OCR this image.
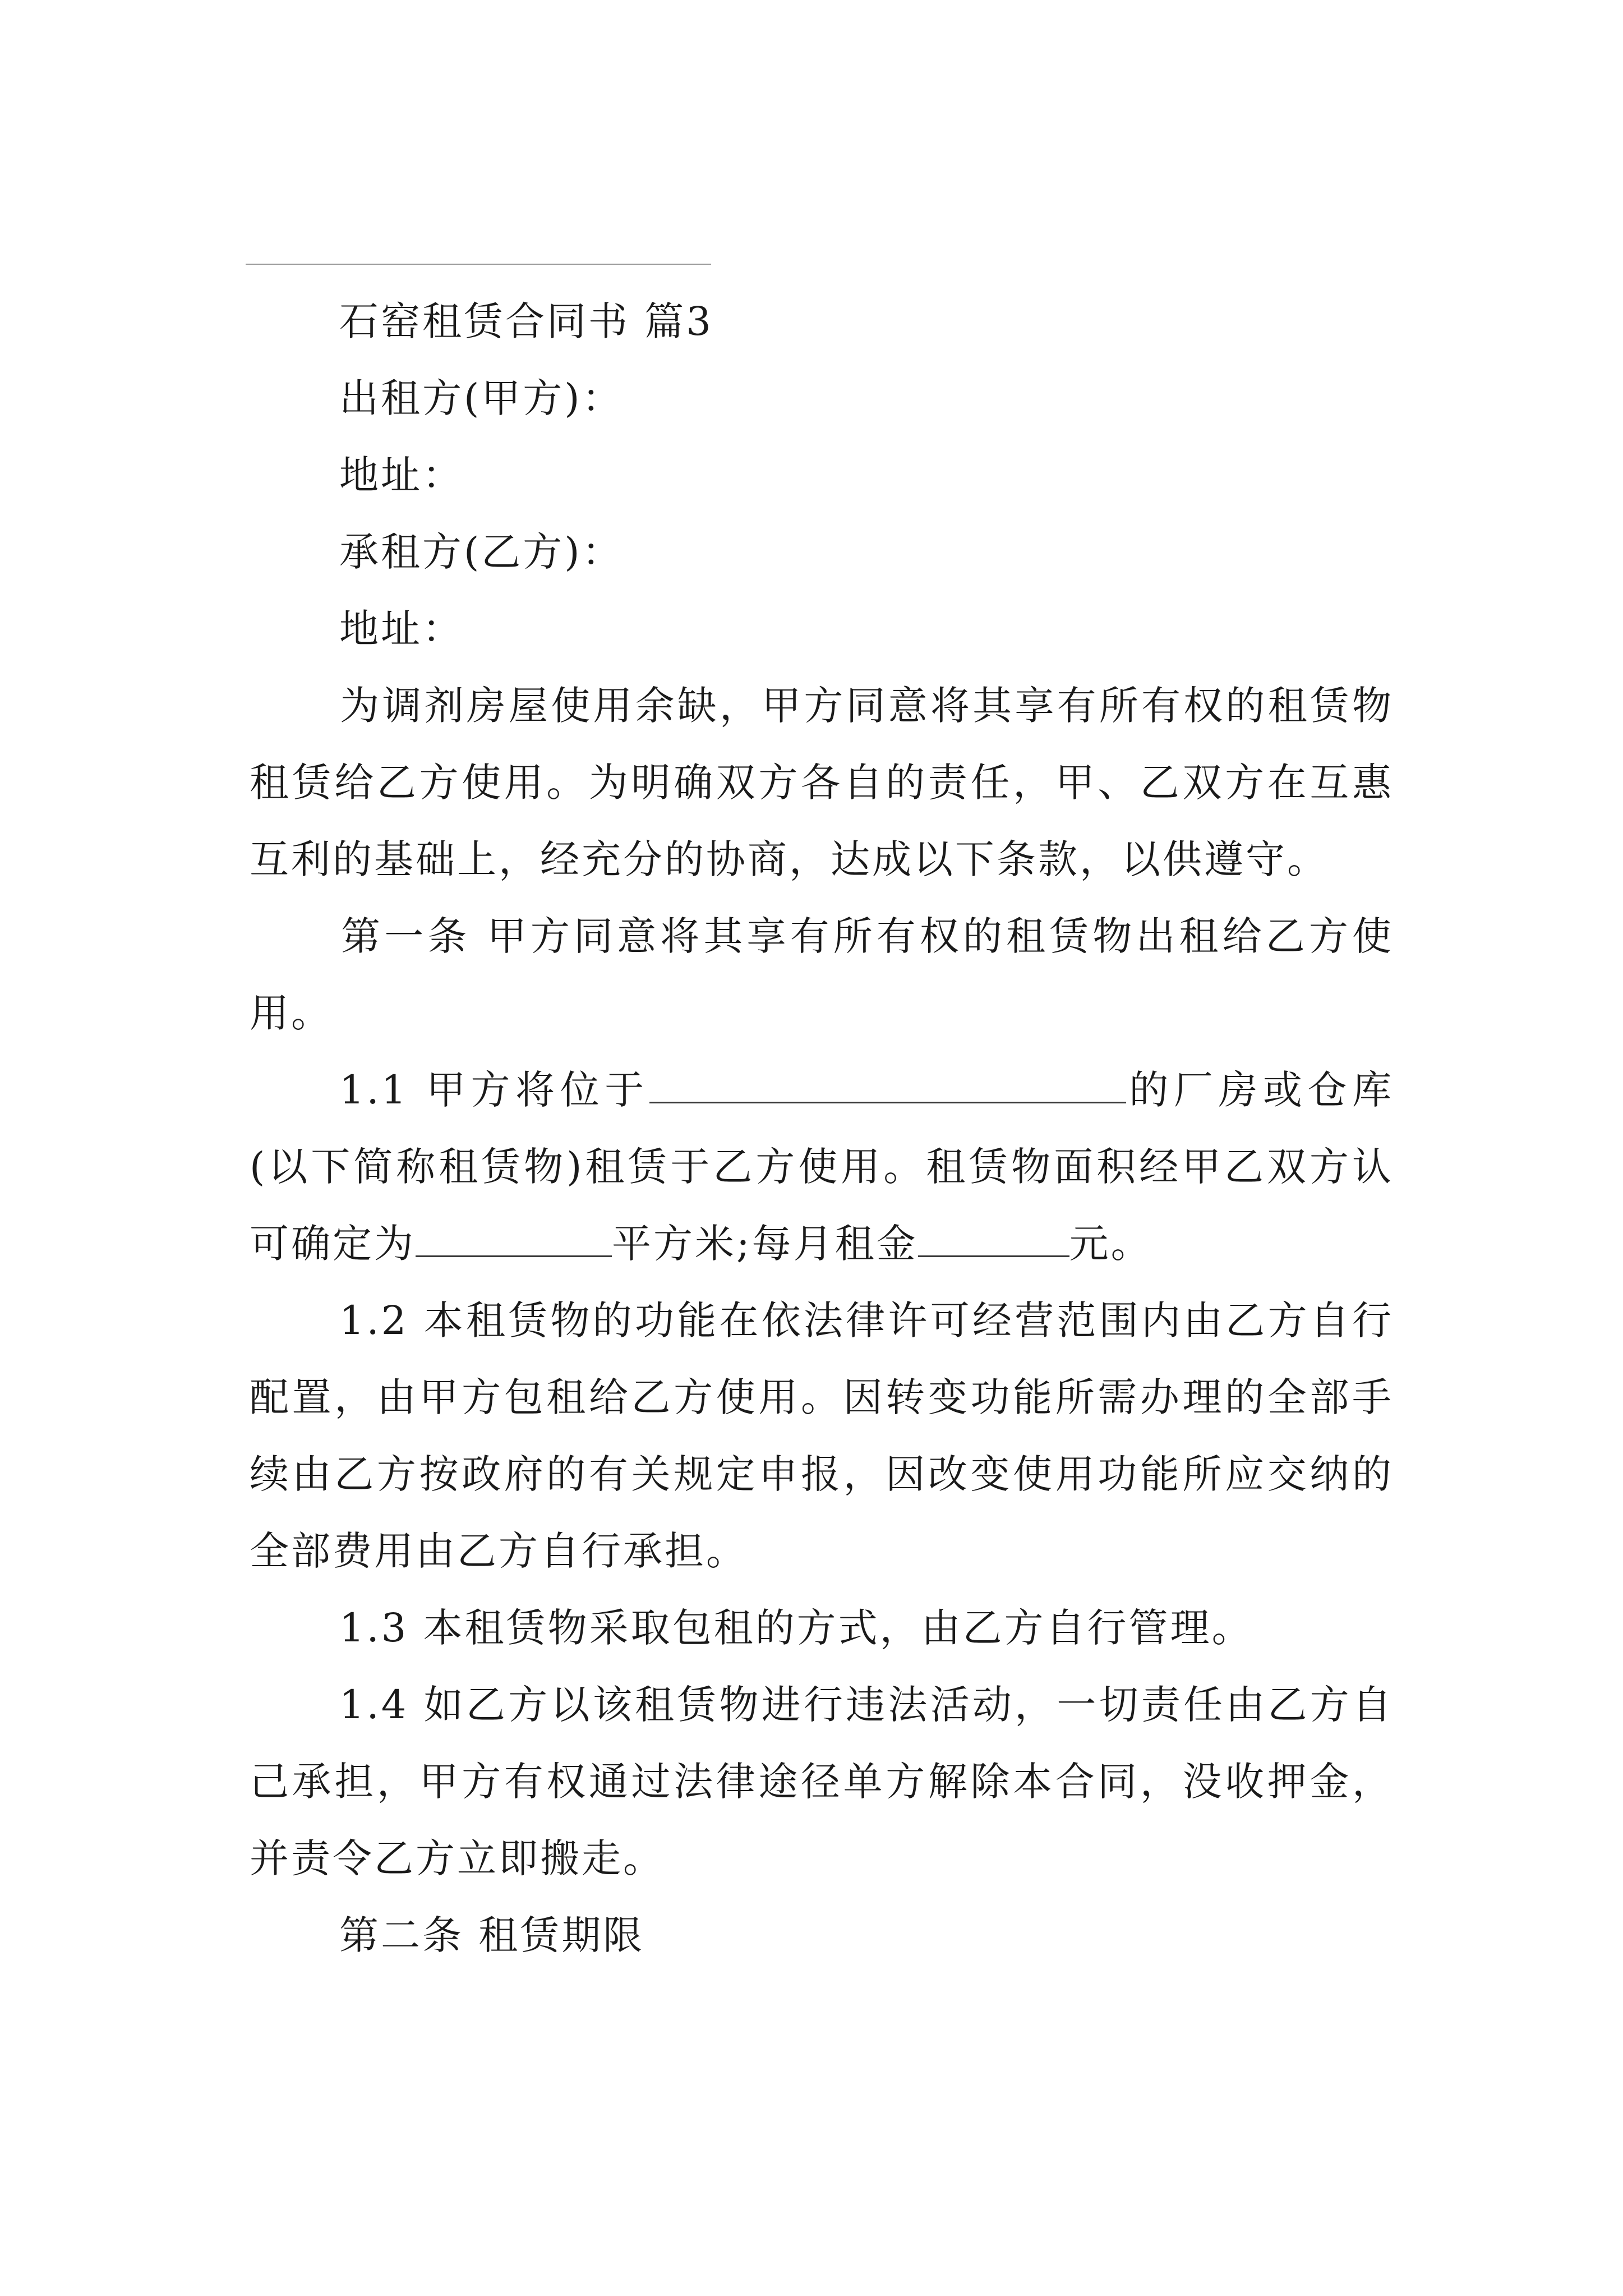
石窑租赁合同书 篇3

出租方(甲方)：

地址：

承租方(乙方)：

地址：

为调剂房屋使用余缺，甲方同意将其享有所有权的租赁物租赁给乙方使用。为明确双方各自的责任，甲、乙双方在互惠互利的基础上，经充分的协商，达成以下条款，以供遵守。

第一条 甲方同意将其享有所有权的租赁物出租给乙方使用。

1.1 甲方将位于	的厂房或仓库(以下简称租赁物)租赁于乙方使用。租赁物面积经甲乙双方认可确定为	平方米;每月租金	元。

1.2 本租赁物的功能在依法律许可经营范围内由乙方自行配置，由甲方包租给乙方使用。因转变功能所需办理的全部手续由乙方按政府的有关规定申报，因改变使用功能所应交纳的全部费用由乙方自行承担。

1.3 本租赁物采取包租的方式，由乙方自行管理。

1.4 如乙方以该租赁物进行违法活动，一切责任由乙方自己承担，甲方有权通过法律途径单方解除本合同，没收押金，并责令乙方立即搬走。

第二条 租赁期限
